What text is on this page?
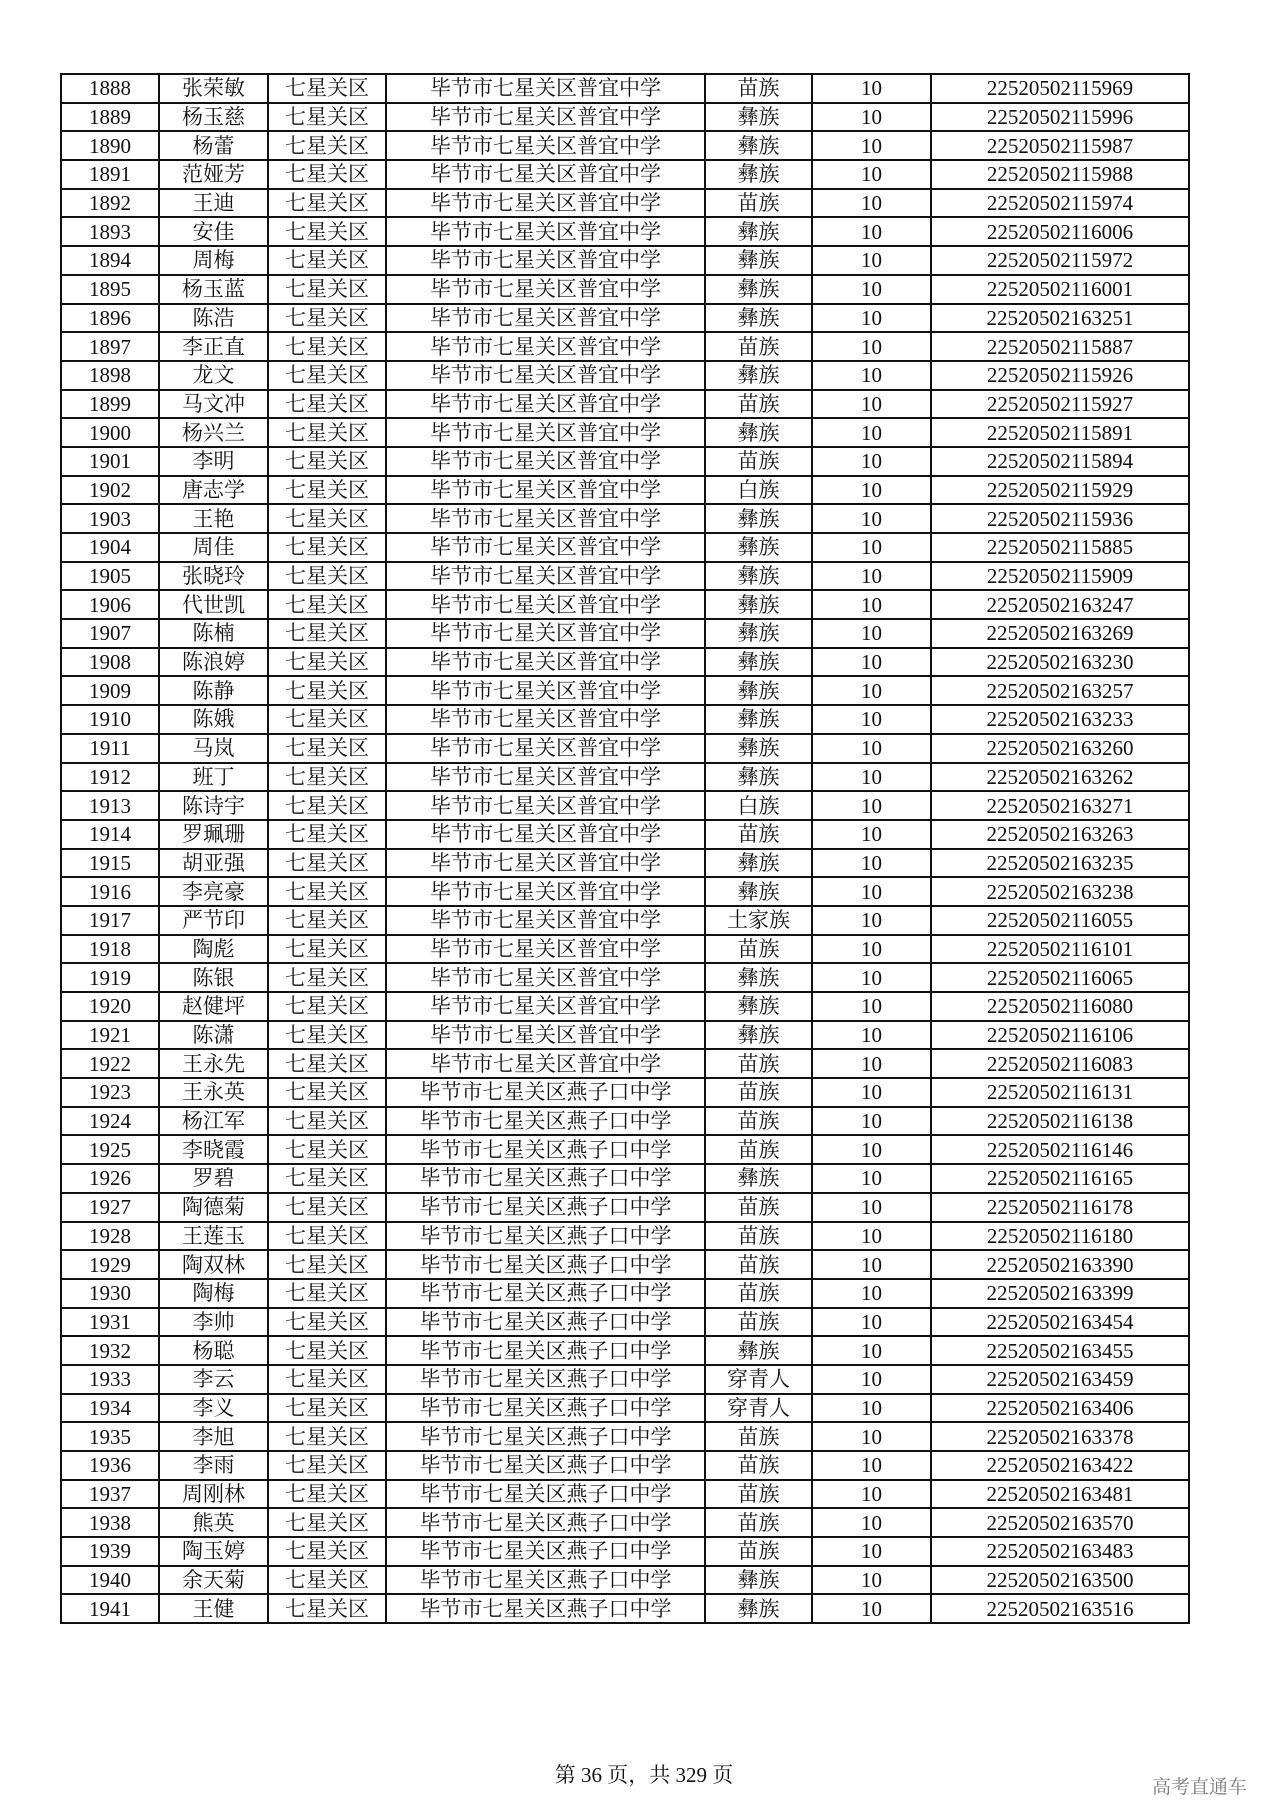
1888	张荣敏	七星关区	毕节市七星关区普宜中学	苗族	10	22520502115969
1889	杨玉慈	七星关区	毕节市七星关区普宜中学	彝族	10	22520502115996
1890	杨蕾	七星关区	毕节市七星关区普宜中学	彝族	10	22520502115987
1891	范娅芳	七星关区	毕节市七星关区普宜中学	彝族	10	22520502115988
1892	王迪	七星关区	毕节市七星关区普宜中学	苗族	10	22520502115974
1893	安佳	七星关区	毕节市七星关区普宜中学	彝族	10	22520502116006
1894	周梅	七星关区	毕节市七星关区普宜中学	彝族	10	22520502115972
1895	杨玉蓝	七星关区	毕节市七星关区普宜中学	彝族	10	22520502116001
1896	陈浩	七星关区	毕节市七星关区普宜中学	彝族	10	22520502163251
1897	李正直	七星关区	毕节市七星关区普宜中学	苗族	10	22520502115887
1898	龙文	七星关区	毕节市七星关区普宜中学	彝族	10	22520502115926
1899	马文冲	七星关区	毕节市七星关区普宜中学	苗族	10	22520502115927
1900	杨兴兰	七星关区	毕节市七星关区普宜中学	彝族	10	22520502115891
1901	李明	七星关区	毕节市七星关区普宜中学	苗族	10	22520502115894
1902	唐志学	七星关区	毕节市七星关区普宜中学	白族	10	22520502115929
1903	王艳	七星关区	毕节市七星关区普宜中学	彝族	10	22520502115936
1904	周佳	七星关区	毕节市七星关区普宜中学	彝族	10	22520502115885
1905	张晓玲	七星关区	毕节市七星关区普宜中学	彝族	10	22520502115909
1906	代世凯	七星关区	毕节市七星关区普宜中学	彝族	10	22520502163247
1907	陈楠	七星关区	毕节市七星关区普宜中学	彝族	10	22520502163269
1908	陈浪婷	七星关区	毕节市七星关区普宜中学	彝族	10	22520502163230
1909	陈静	七星关区	毕节市七星关区普宜中学	彝族	10	22520502163257
1910	陈娥	七星关区	毕节市七星关区普宜中学	彝族	10	22520502163233
1911	马岚	七星关区	毕节市七星关区普宜中学	彝族	10	22520502163260
1912	班丁	七星关区	毕节市七星关区普宜中学	彝族	10	22520502163262
1913	陈诗宇	七星关区	毕节市七星关区普宜中学	白族	10	22520502163271
1914	罗珮珊	七星关区	毕节市七星关区普宜中学	苗族	10	22520502163263
1915	胡亚强	七星关区	毕节市七星关区普宜中学	彝族	10	22520502163235
1916	李亮豪	七星关区	毕节市七星关区普宜中学	彝族	10	22520502163238
1917	严节印	七星关区	毕节市七星关区普宜中学	土家族	10	22520502116055
1918	陶彪	七星关区	毕节市七星关区普宜中学	苗族	10	22520502116101
1919	陈银	七星关区	毕节市七星关区普宜中学	彝族	10	22520502116065
1920	赵健坪	七星关区	毕节市七星关区普宜中学	彝族	10	22520502116080
1921	陈潇	七星关区	毕节市七星关区普宜中学	彝族	10	22520502116106
1922	王永先	七星关区	毕节市七星关区普宜中学	苗族	10	22520502116083
1923	王永英	七星关区	毕节市七星关区燕子口中学	苗族	10	22520502116131
1924	杨江军	七星关区	毕节市七星关区燕子口中学	苗族	10	22520502116138
1925	李晓霞	七星关区	毕节市七星关区燕子口中学	苗族	10	22520502116146
1926	罗碧	七星关区	毕节市七星关区燕子口中学	彝族	10	22520502116165
1927	陶德菊	七星关区	毕节市七星关区燕子口中学	苗族	10	22520502116178
1928	王莲玉	七星关区	毕节市七星关区燕子口中学	苗族	10	22520502116180
1929	陶双林	七星关区	毕节市七星关区燕子口中学	苗族	10	22520502163390
1930	陶梅	七星关区	毕节市七星关区燕子口中学	苗族	10	22520502163399
1931	李帅	七星关区	毕节市七星关区燕子口中学	苗族	10	22520502163454
1932	杨聪	七星关区	毕节市七星关区燕子口中学	彝族	10	22520502163455
1933	李云	七星关区	毕节市七星关区燕子口中学	穿青人	10	22520502163459
1934	李义	七星关区	毕节市七星关区燕子口中学	穿青人	10	22520502163406
1935	李旭	七星关区	毕节市七星关区燕子口中学	苗族	10	22520502163378
1936	李雨	七星关区	毕节市七星关区燕子口中学	苗族	10	22520502163422
1937	周刚林	七星关区	毕节市七星关区燕子口中学	苗族	10	22520502163481
1938	熊英	七星关区	毕节市七星关区燕子口中学	苗族	10	22520502163570
1939	陶玉婷	七星关区	毕节市七星关区燕子口中学	苗族	10	22520502163483
1940	余天菊	七星关区	毕节市七星关区燕子口中学	彝族	10	22520502163500
1941	王健	七星关区	毕节市七星关区燕子口中学	彝族	10	22520502163516
第 36 页，共 329 页	高考直通车
